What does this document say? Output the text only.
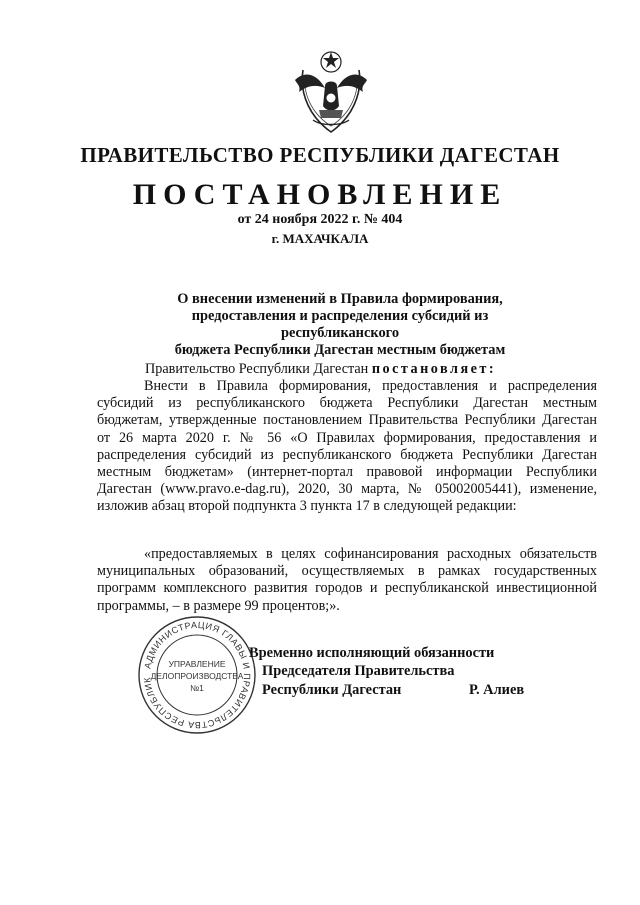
ПРАВИТЕЛЬСТВО РЕСПУБЛИКИ ДАГЕСТАН
ПОСТАНОВЛЕНИЕ
от 24 ноября 2022 г. № 404
г. МАХАЧКАЛА
О внесении изменений в Правила формирования,
предоставления и распределения субсидий из республиканского
бюджета Республики Дагестан местным бюджетам
Правительство Республики Дагестан постановляет:
Внести в Правила формирования, предоставления и распределения субсидий из республиканского бюджета Республики Дагестан местным бюджетам, утвержденные постановлением Правительства Республики Дагестан от 26 марта 2020 г. № 56 «О Правилах формирования, предоставления и распределения субсидий из республиканского бюджета Республики Дагестан местным бюджетам» (интернет-портал правовой информации Республики Дагестан (www.pravo.e-dag.ru), 2020, 30 марта, № 05002005441), изменение, изложив абзац второй подпункта 3 пункта 17 в следующей редакции:
«предоставляемых в целях софинансирования расходных обязательств муниципальных образований, осуществляемых в рамках государственных программ комплексного развития городов и республиканской инвестиционной программы, – в размере 99 процентов;».
АДМИНИСТРАЦИЯ ГЛАВЫ И ПРАВИТЕЛЬСТВА РЕСПУБЛИК
УПРАВЛЕНИЕ
ДЕЛОПРОИЗВОДСТВА
№1
Временно исполняющий обязанности
Председателя Правительства
Республики Дагестан	Р. Алиев
